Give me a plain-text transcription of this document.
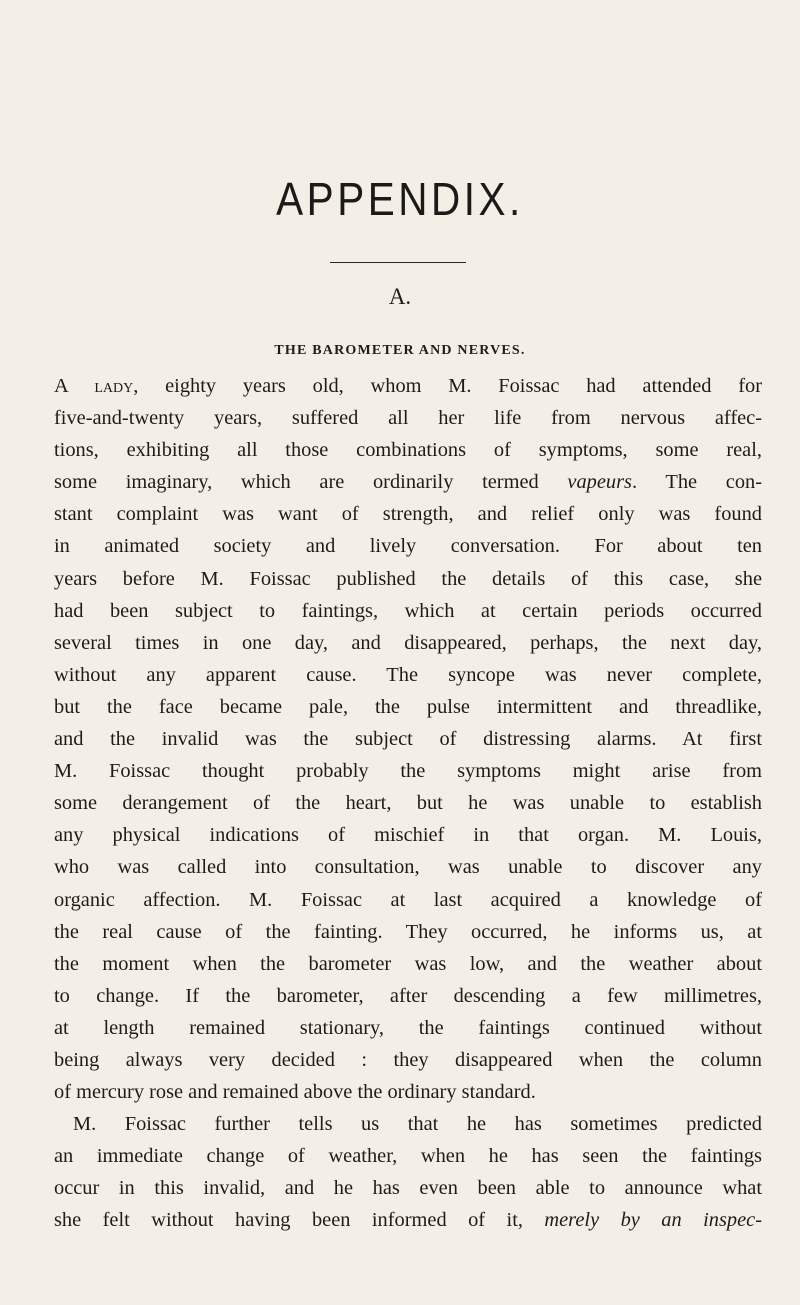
APPENDIX.
A.
THE BAROMETER AND NERVES.
A lady, eighty years old, whom M. Foissac had attended for
five-and-twenty years, suffered all her life from nervous affec-
tions, exhibiting all those combinations of symptoms, some real,
some imaginary, which are ordinarily termed vapeurs. The con-
stant complaint was want of strength, and relief only was found
in animated society and lively conversation. For about ten
years before M. Foissac published the details of this case, she
had been subject to faintings, which at certain periods occurred
several times in one day, and disappeared, perhaps, the next day,
without any apparent cause. The syncope was never complete,
but the face became pale, the pulse intermittent and threadlike,
and the invalid was the subject of distressing alarms. At first
M. Foissac thought probably the symptoms might arise from
some derangement of the heart, but he was unable to establish
any physical indications of mischief in that organ. M. Louis,
who was called into consultation, was unable to discover any
organic affection. M. Foissac at last acquired a knowledge of
the real cause of the fainting. They occurred, he informs us, at
the moment when the barometer was low, and the weather about
to change. If the barometer, after descending a few millimetres,
at length remained stationary, the faintings continued without
being always very decided : they disappeared when the column
of mercury rose and remained above the ordinary standard.
M. Foissac further tells us that he has sometimes predicted
an immediate change of weather, when he has seen the faintings
occur in this invalid, and he has even been able to announce what
she felt without having been informed of it, merely by an inspec-
